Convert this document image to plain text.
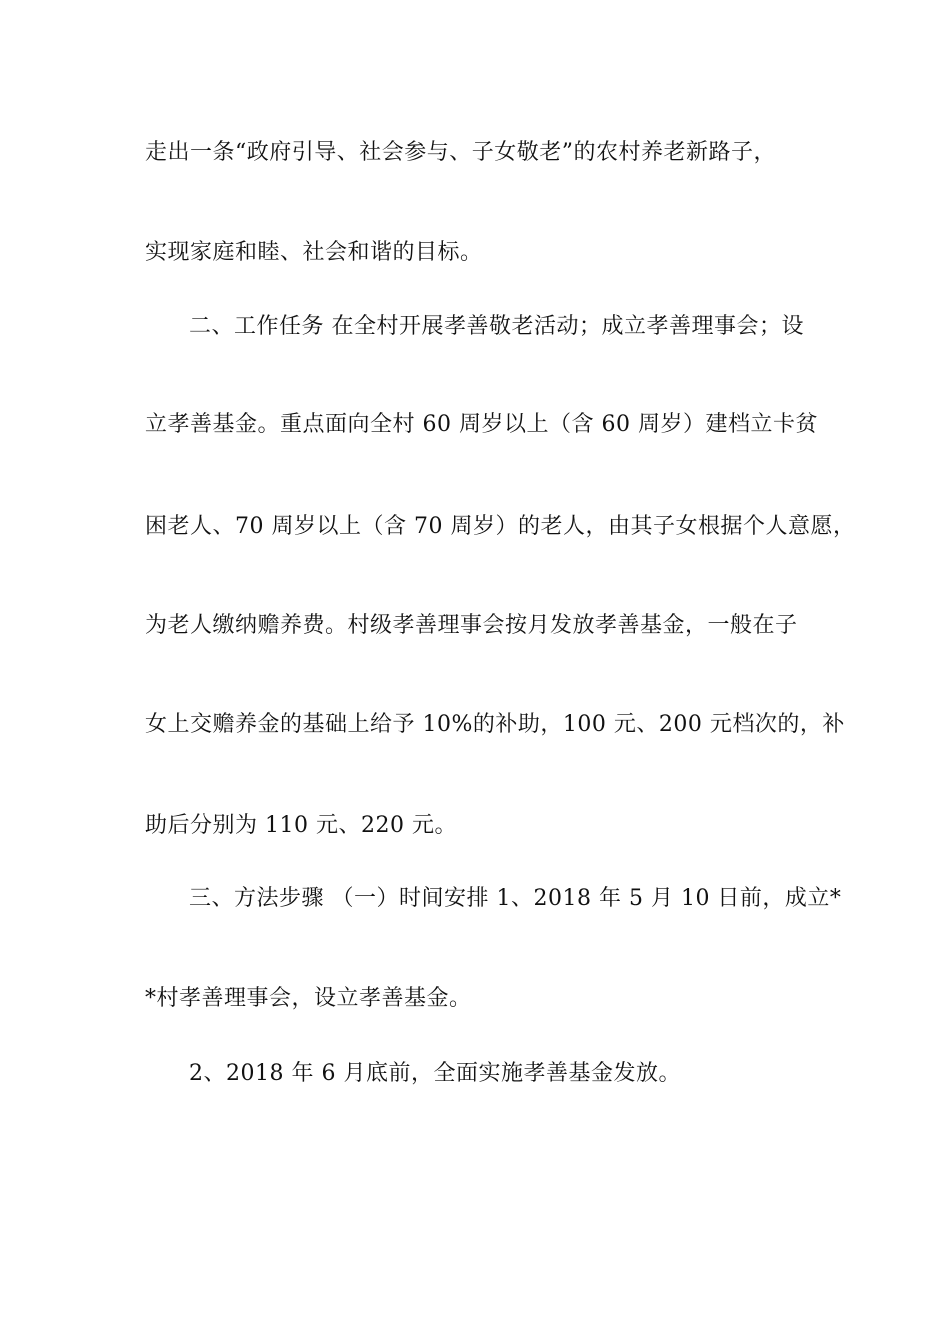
走出一条“政府引导、社会参与、子女敬老”的农村养老新路子，
实现家庭和睦、社会和谐的目标。
二、工作任务 在全村开展孝善敬老活动；成立孝善理事会；设
立孝善基金。重点面向全村 60 周岁以上（含 60 周岁）建档立卡贫
困老人、70 周岁以上（含 70 周岁）的老人，由其子女根据个人意愿，
为老人缴纳赡养费。村级孝善理事会按月发放孝善基金，一般在子
女上交赡养金的基础上给予 10%的补助，100 元、200 元档次的，补
助后分别为 110 元、220 元。
三、方法步骤 （一）时间安排 1、2018 年 5 月 10 日前，成立*
*村孝善理事会，设立孝善基金。
2、2018 年 6 月底前，全面实施孝善基金发放。
